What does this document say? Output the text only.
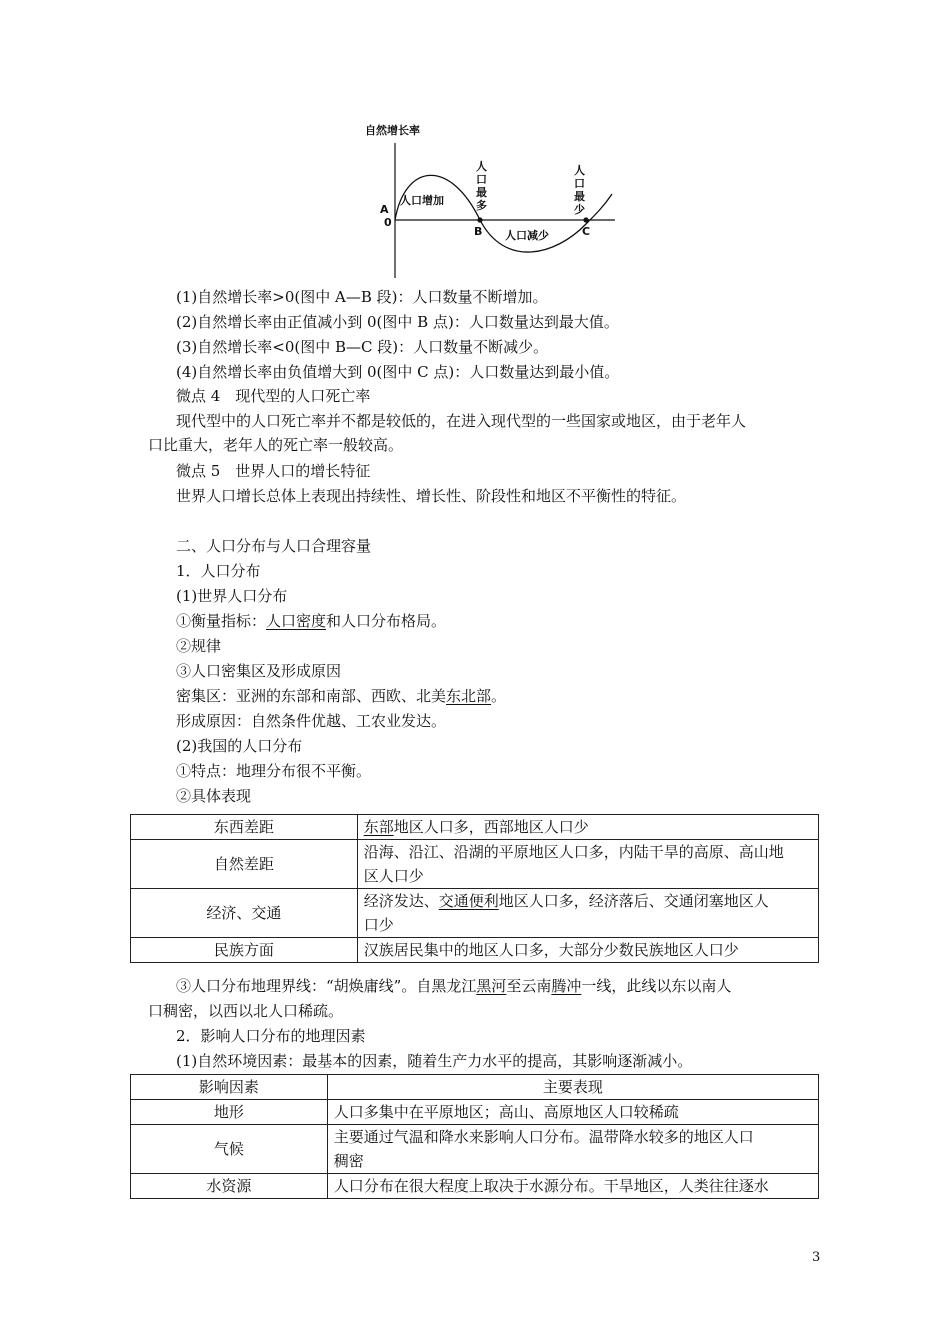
自然增长率
A
0
B	C
人口增加
人口减少
人
口
最
多
人
口
最
少
(1)自然增长率>0(图中 A—B 段)：人口数量不断增加。
(2)自然增长率由正值减小到 0(图中 B 点)：人口数量达到最大值。
(3)自然增长率<0(图中 B—C 段)：人口数量不断减少。
(4)自然增长率由负值增大到 0(图中 C 点)：人口数量达到最小值。
微点 4　现代型的人口死亡率
现代型中的人口死亡率并不都是较低的，在进入现代型的一些国家或地区，由于老年人
口比重大，老年人的死亡率一般较高。
微点 5　世界人口的增长特征
世界人口增长总体上表现出持续性、增长性、阶段性和地区不平衡性的特征。
二、人口分布与人口合理容量
1．人口分布
(1)世界人口分布
①衡量指标：人口密度和人口分布格局。
②规律
③人口密集区及形成原因
密集区：亚洲的东部和南部、西欧、北美东北部。
形成原因：自然条件优越、工农业发达。
(2)我国的人口分布
①特点：地理分布很不平衡。
②具体表现
东西差距	东部地区人口多，西部地区人口少
自然差距	沿海、沿江、沿湖的平原地区人口多，内陆干旱的高原、高山地
区人口少

经济、交通	经济发达、交通便利地区人口多，经济落后、交通闭塞地区人
口少

民族方面	汉族居民集中的地区人口多，大部分少数民族地区人口少
③人口分布地理界线：“胡焕庸线”。自黑龙江黑河至云南腾冲一线，此线以东以南人
口稠密，以西以北人口稀疏。
2．影响人口分布的地理因素
(1)自然环境因素：最基本的因素，随着生产力水平的提高，其影响逐渐减小。
影响因素	主要表现
地形	人口多集中在平原地区；高山、高原地区人口较稀疏
气候	主要通过气温和降水来影响人口分布。温带降水较多的地区人口
稠密

水资源	人口分布在很大程度上取决于水源分布。干旱地区，人类往往逐水
3
